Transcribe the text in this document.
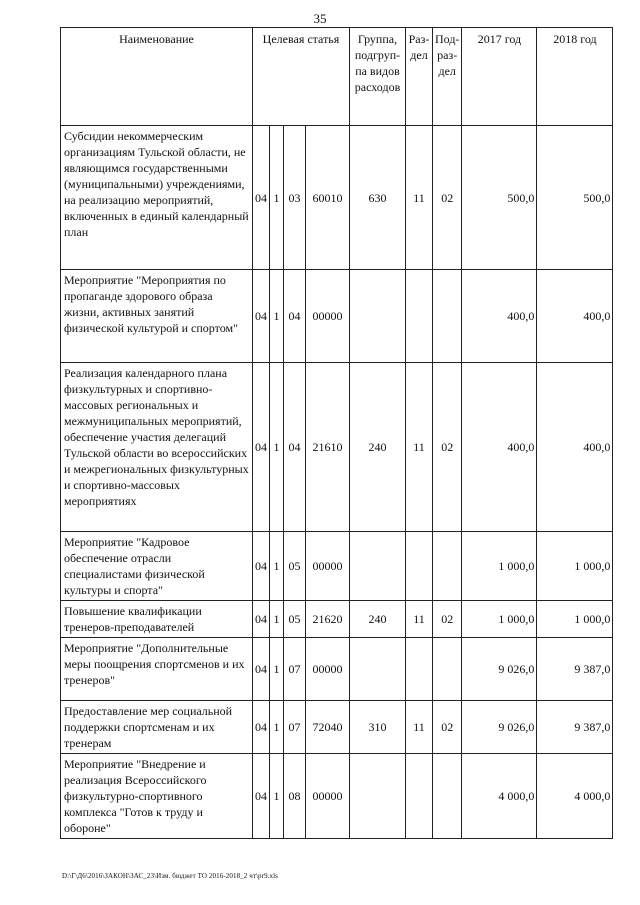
35
Наименование	Целевая статья				Группа, подгруп-па видов расходов	Раз-дел	Под-раз-дел	2017 год	2018 год
Субсидии некоммерческим организациям Тульской области, не являющимся государственными (муниципальными) учреждениями, на реализацию мероприятий, включенных в единый календарный план	04	1	03	60010	630	11	02	500,0	500,0
Мероприятие "Мероприятия по пропаганде здорового образа жизни, активных занятий физической культурой и спортом"	04	1	04	00000				400,0	400,0
Реализация календарного плана физкультурных и спортивно-массовых региональных и межмуниципальных мероприятий, обеспечение участия делегаций Тульской области во всероссийских и межрегиональных физкультурных и спортивно-массовых мероприятиях	04	1	04	21610	240	11	02	400,0	400,0
Мероприятие "Кадровое обеспечение отрасли специалистами физической культуры и спорта"	04	1	05	00000				1 000,0	1 000,0
Повышение квалификации тренеров-преподавателей	04	1	05	21620	240	11	02	1 000,0	1 000,0
Мероприятие "Дополнительные меры поощрения спортсменов и их тренеров"	04	1	07	00000				9 026,0	9 387,0
Предоставление мер социальной поддержки спортсменам и их тренерам	04	1	07	72040	310	11	02	9 026,0	9 387,0
Мероприятие "Внедрение и реализация Всероссийского физкультурно-спортивного комплекса "Готов к труду и обороне"	04	1	08	00000				4 000,0	4 000,0
D:\Г\Д6\2016\ЗАКОН\ЗАС_23\Изм. бюджет ТО 2016-2018_2 чт\pr9.xls
